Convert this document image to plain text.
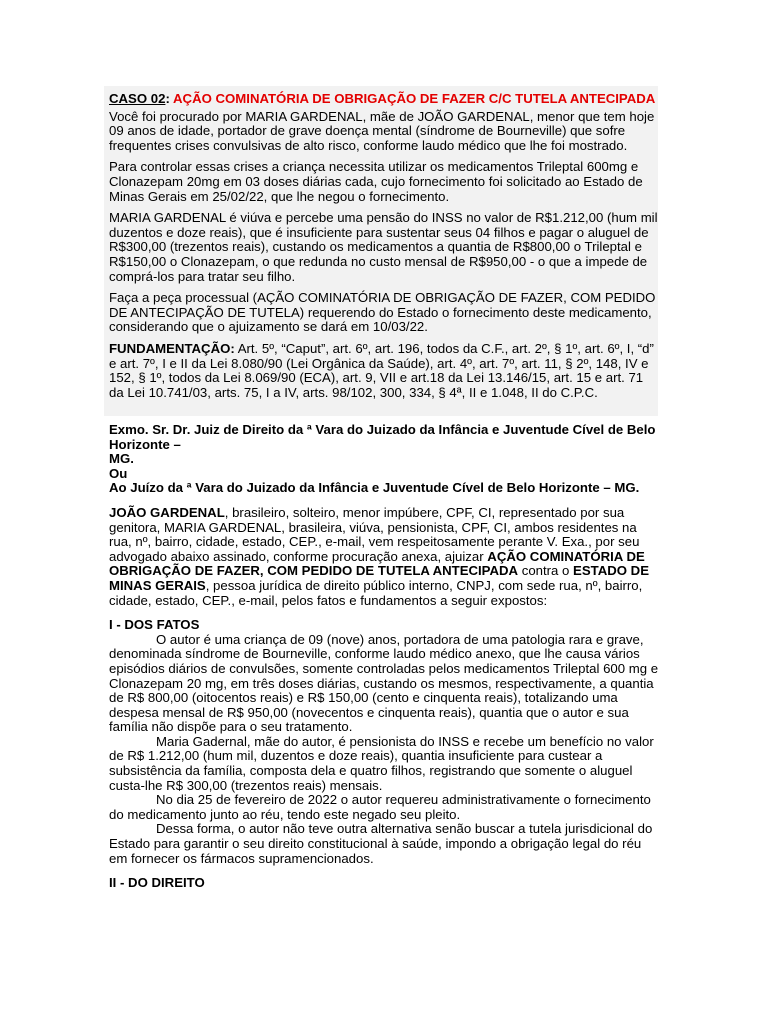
CASO 02: AÇÃO COMINATÓRIA DE OBRIGAÇÃO DE FAZER C/C TUTELA ANTECIPADA

Você foi procurado por MARIA GARDENAL, mãe de JOÃO GARDENAL, menor que tem hoje 09 anos de idade, portador de grave doença mental (síndrome de Bourneville) que sofre frequentes crises convulsivas de alto risco, conforme laudo médico que lhe foi mostrado.

Para controlar essas crises a criança necessita utilizar os medicamentos Trileptal 600mg e Clonazepam 20mg em 03 doses diárias cada, cujo fornecimento foi solicitado ao Estado de Minas Gerais em 25/02/22, que lhe negou o fornecimento.

MARIA GARDENAL é viúva e percebe uma pensão do INSS no valor de R$1.212,00 (hum mil duzentos e doze reais), que é insuficiente para sustentar seus 04 filhos e pagar o aluguel de R$300,00 (trezentos reais), custando os medicamentos a quantia de R$800,00 o Trileptal e R$150,00 o Clonazepam, o que redunda no custo mensal de R$950,00 - o que a impede de comprá-los para tratar seu filho.

Faça a peça processual (AÇÃO COMINATÓRIA DE OBRIGAÇÃO DE FAZER, COM PEDIDO DE ANTECIPAÇÃO DE TUTELA) requerendo do Estado o fornecimento deste medicamento, considerando que o ajuizamento se dará em 10/03/22.

FUNDAMENTAÇÃO: Art. 5º, “Caput”, art. 6º, art. 196, todos da C.F., art. 2º, § 1º, art. 6º, I, “d” e art. 7º, I e II da Lei 8.080/90 (Lei Orgânica da Saúde), art. 4º, art. 7º, art. 11, § 2º, 148, IV e 152, § 1º, todos da Lei 8.069/90 (ECA), art. 9, VII e art.18 da Lei 13.146/15, art. 15 e art. 71 da Lei 10.741/03, arts. 75, I a IV, arts. 98/102, 300, 334, § 4ª, II e 1.048, II do C.P.C.

Exmo. Sr. Dr. Juiz de Direito da ª Vara do Juizado da Infância e Juventude Cível de Belo Horizonte –
MG.
Ou
Ao Juízo da ª Vara do Juizado da Infância e Juventude Cível de Belo Horizonte – MG.

JOÃO GARDENAL, brasileiro, solteiro, menor impúbere, CPF, CI, representado por sua genitora, MARIA GARDENAL, brasileira, viúva, pensionista, CPF, CI, ambos residentes na rua, nº, bairro, cidade, estado, CEP., e-mail, vem respeitosamente perante V. Exa., por seu advogado abaixo assinado, conforme procuração anexa, ajuizar AÇÃO COMINATÓRIA DE OBRIGAÇÃO DE FAZER, COM PEDIDO DE TUTELA ANTECIPADA contra o ESTADO DE MINAS GERAIS, pessoa jurídica de direito público interno, CNPJ, com sede rua, nº, bairro, cidade, estado, CEP., e-mail, pelos fatos e fundamentos a seguir expostos:

I - DOS FATOS

O autor é uma criança de 09 (nove) anos, portadora de uma patologia rara e grave, denominada síndrome de Bourneville, conforme laudo médico anexo, que lhe causa vários episódios diários de convulsões, somente controladas pelos medicamentos Trileptal 600 mg e Clonazepam 20 mg, em três doses diárias, custando os mesmos, respectivamente, a quantia de R$ 800,00 (oitocentos reais) e R$ 150,00 (cento e cinquenta reais), totalizando uma despesa mensal de R$ 950,00 (novecentos e cinquenta reais), quantia que o autor e sua família não dispõe para o seu tratamento.

Maria Gadernal, mãe do autor, é pensionista do INSS e recebe um benefício no valor de R$ 1.212,00 (hum mil, duzentos e doze reais), quantia insuficiente para custear a subsistência da família, composta dela e quatro filhos, registrando que somente o aluguel custa-lhe R$ 300,00 (trezentos reais) mensais.

No dia 25 de fevereiro de 2022 o autor requereu administrativamente o fornecimento do medicamento junto ao réu, tendo este negado seu pleito.

Dessa forma, o autor não teve outra alternativa senão buscar a tutela jurisdicional do Estado para garantir o seu direito constitucional à saúde, impondo a obrigação legal do réu em fornecer os fármacos supramencionados.

II - DO DIREITO
